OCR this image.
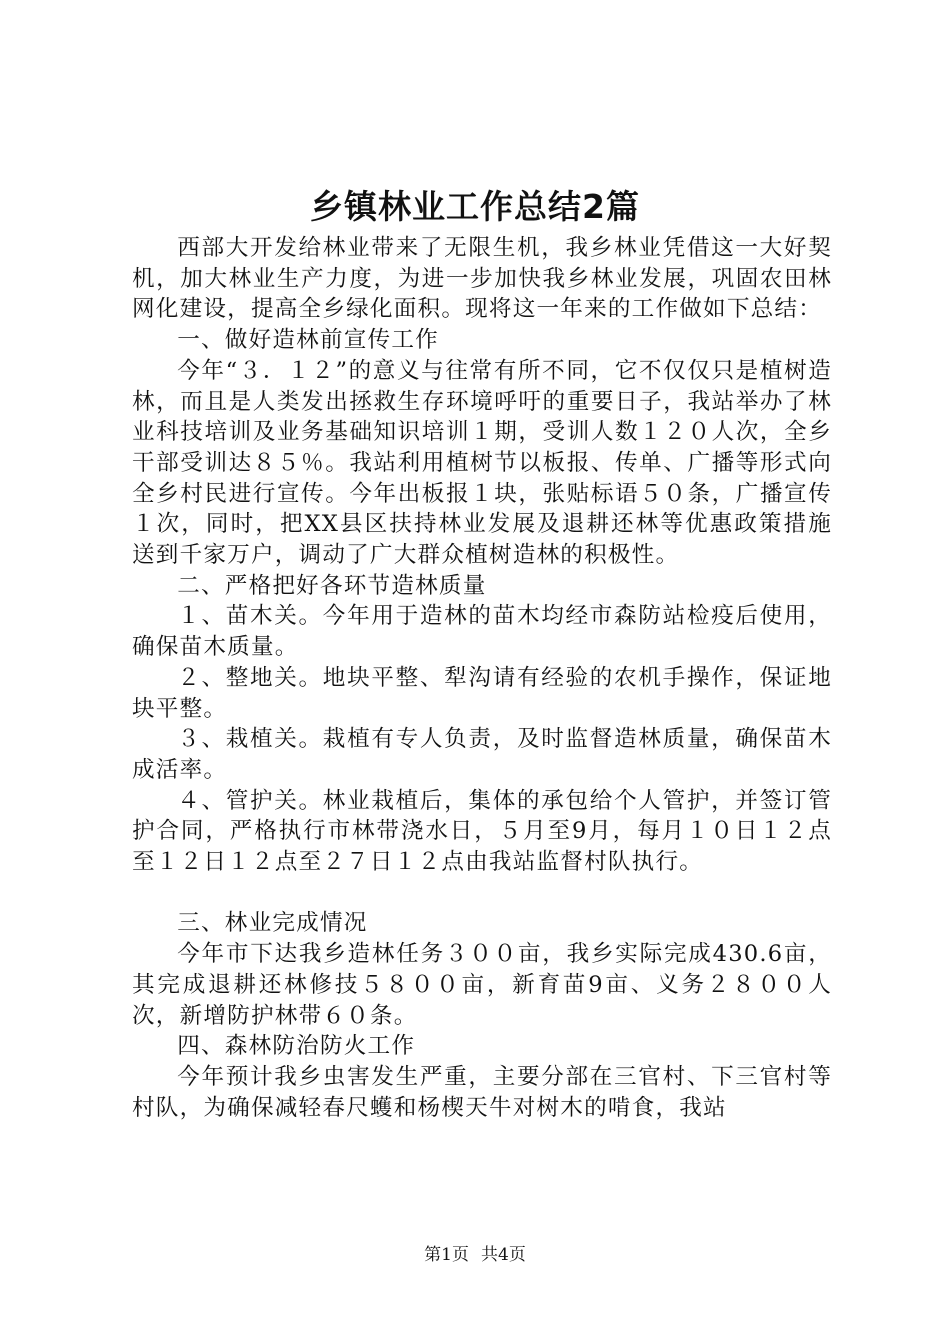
乡镇林业工作总结2篇

西部大开发给林业带来了无限生机，我乡林业凭借这一大好契机，加大林业生产力度，为进一步加快我乡林业发展，巩固农田林网化建设，提高全乡绿化面积。现将这一年来的工作做如下总结：

一、做好造林前宣传工作

今年“３．１２”的意义与往常有所不同，它不仅仅只是植树造林，而且是人类发出拯救生存环境呼吁的重要日子，我站举办了林业科技培训及业务基础知识培训１期，受训人数１２０人次，全乡干部受训达８５％。我站利用植树节以板报、传单、广播等形式向全乡村民进行宣传。今年出板报１块，张贴标语５０条，广播宣传１次，同时，把XX县区扶持林业发展及退耕还林等优惠政策措施送到千家万户，调动了广大群众植树造林的积极性。

二、严格把好各环节造林质量

１、苗木关。今年用于造林的苗木均经市森防站检疫后使用，确保苗木质量。

２、整地关。地块平整、犁沟请有经验的农机手操作，保证地块平整。

３、栽植关。栽植有专人负责，及时监督造林质量，确保苗木成活率。

４、管护关。林业栽植后，集体的承包给个人管护，并签订管护合同，严格执行市林带浇水日，５月至9月，每月１０日１２点至１２日１２点至２７日１２点由我站监督村队执行。

三、林业完成情况

今年市下达我乡造林任务３００亩，我乡实际完成430.6亩，其完成退耕还林修技５８００亩，新育苗9亩、义务２８００人次，新增防护林带６０条。

四、森林防治防火工作

今年预计我乡虫害发生严重，主要分部在三官村、下三官村等村队，为确保减轻春尺蠖和杨楔天牛对树木的啃食，我站

第1页 共4页
